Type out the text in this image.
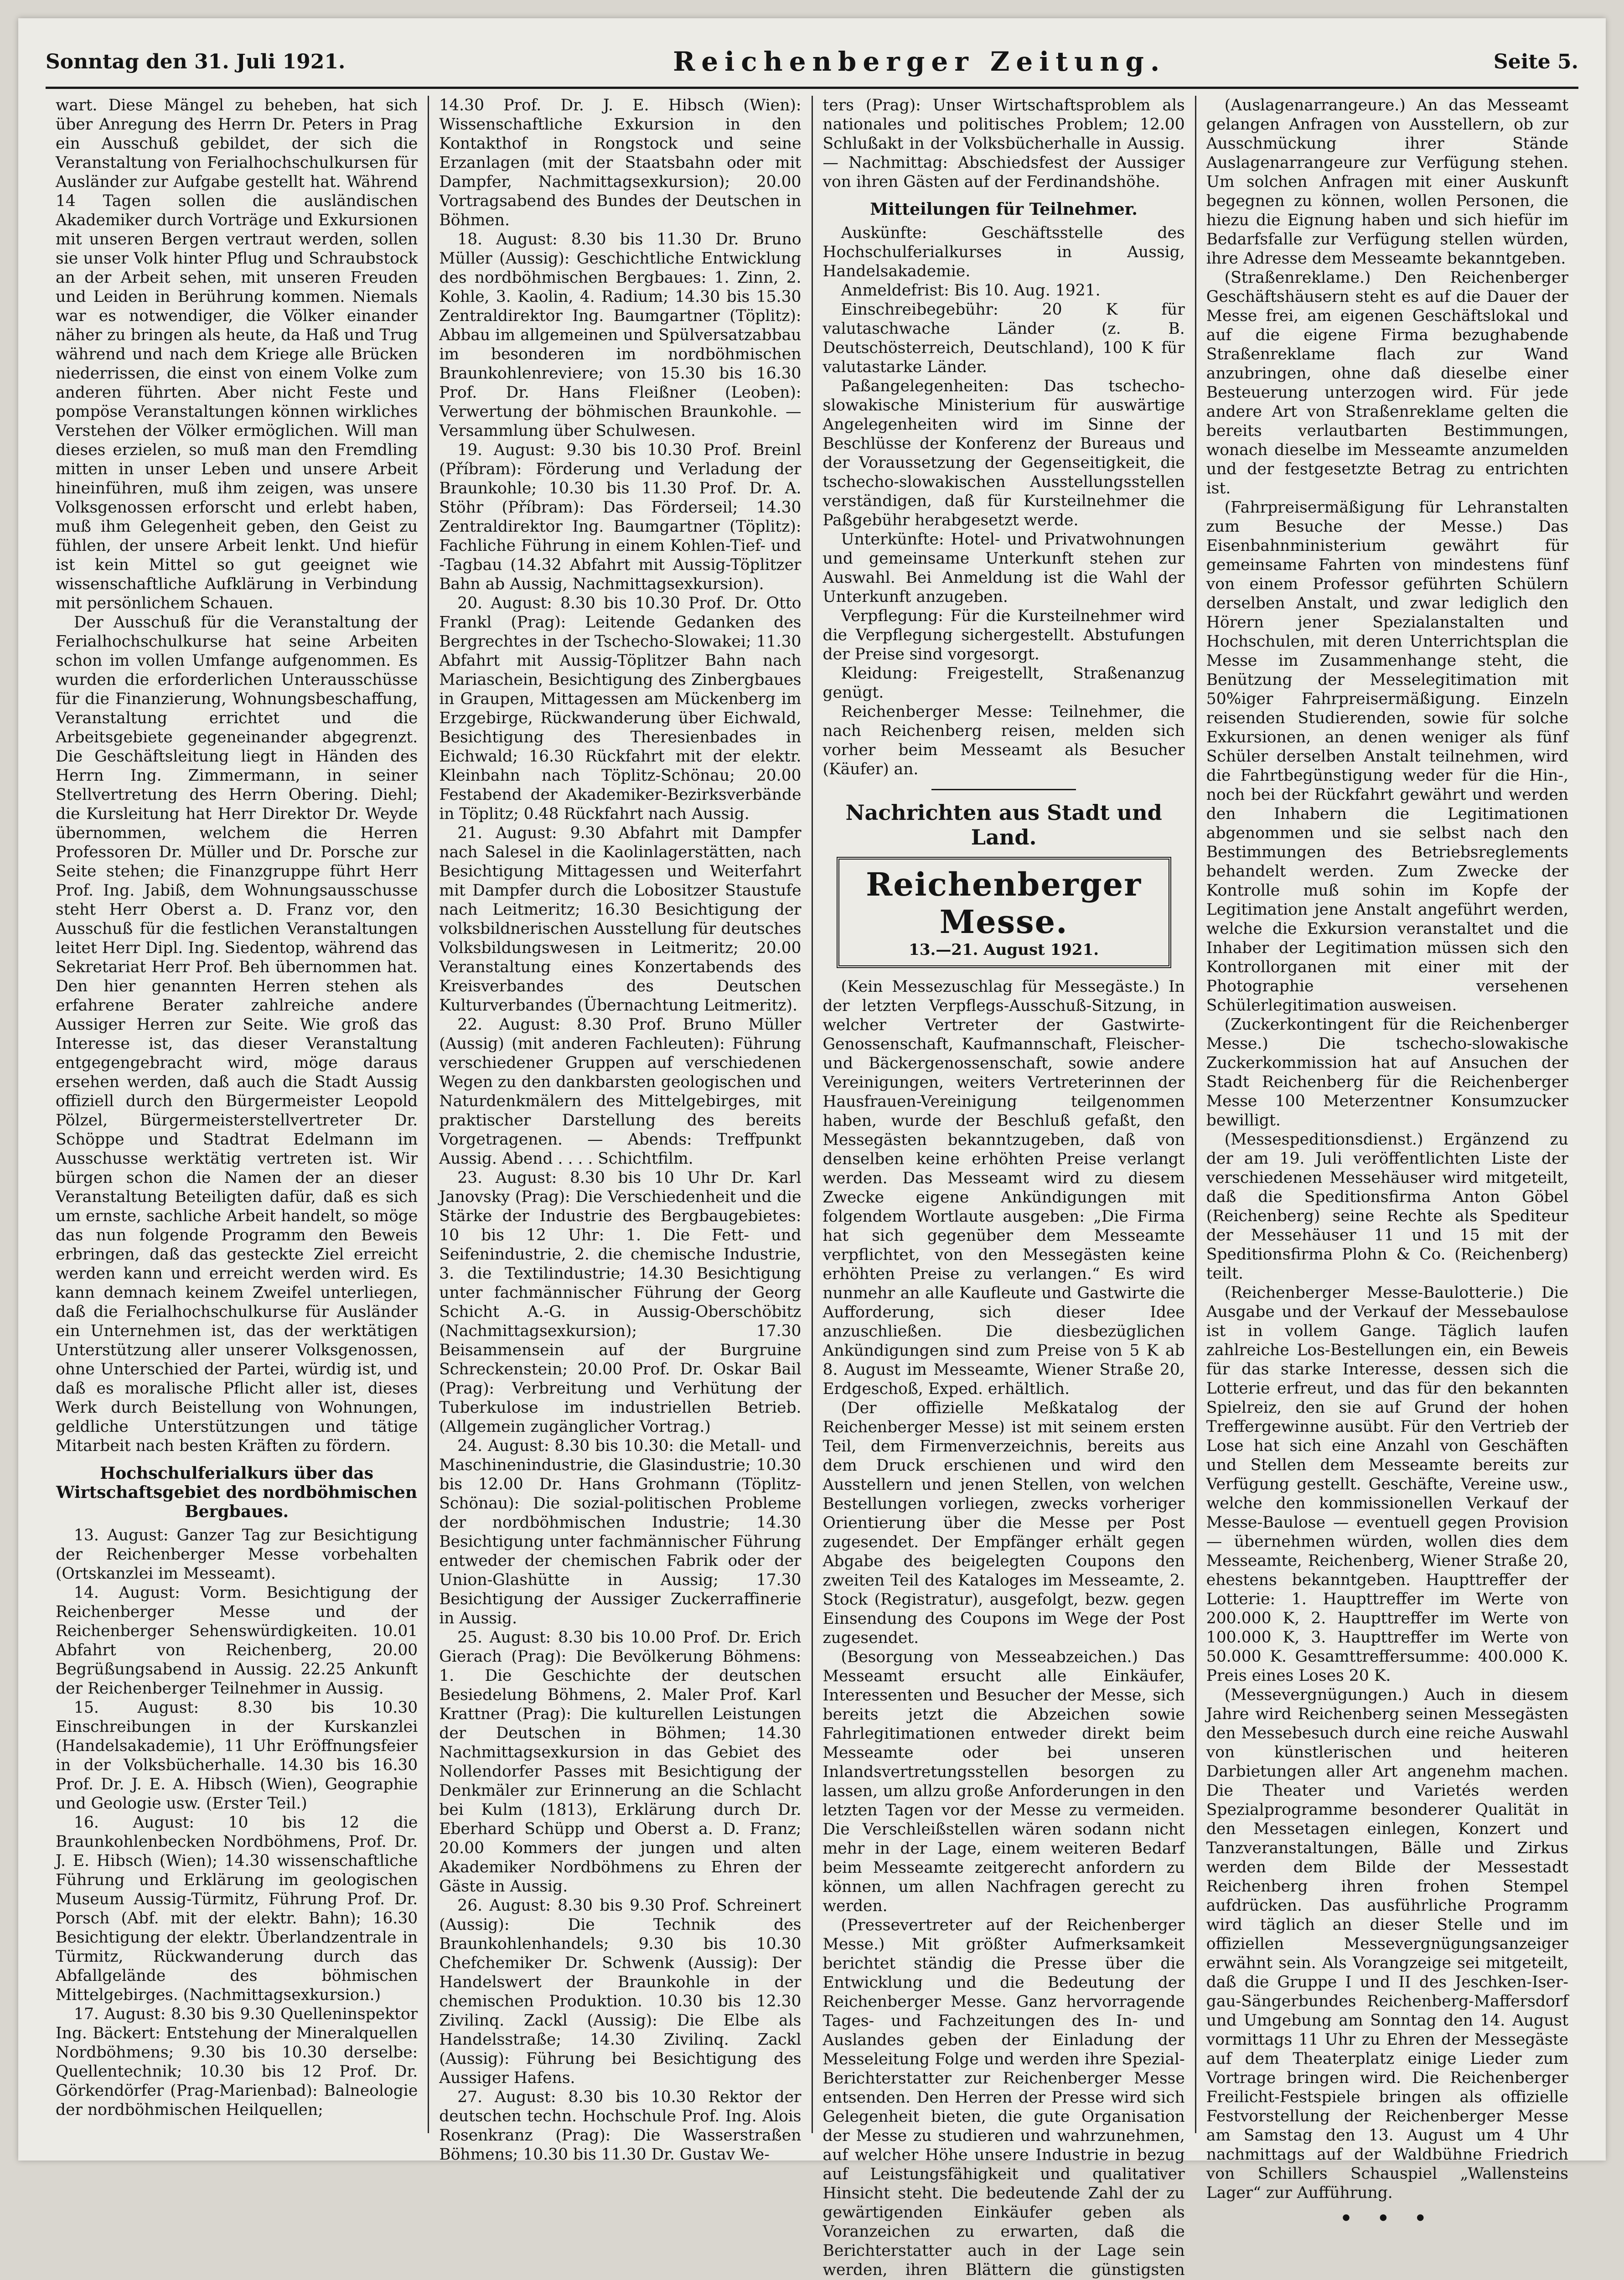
Sonntag den 31. Juli 1921.	Reichenberger Zeitung.	Seite 5.

wart. Diese Mängel zu beheben, hat sich über Anregung des Herrn Dr. Peters in Prag ein Ausschuß gebildet, der sich die Veranstaltung von Ferialhochschulkursen für Ausländer zur Aufgabe gestellt hat. Während 14 Tagen sollen die ausländischen Akademiker durch Vorträge und Exkursionen mit unseren Bergen vertraut werden, sollen sie unser Volk hinter Pflug und Schraubstock an der Arbeit sehen, mit unseren Freuden und Leiden in Berührung kommen. Niemals war es notwendiger, die Völker einander näher zu bringen als heute, da Haß und Trug während und nach dem Kriege alle Brücken niederrissen, die einst von einem Volke zum anderen führten. Aber nicht Feste und pompöse Veranstaltungen können wirkliches Verstehen der Völker ermöglichen. Will man dieses erzielen, so muß man den Fremdling mitten in unser Leben und unsere Arbeit hineinführen, muß ihm zeigen, was unsere Volksgenossen erforscht und erlebt haben, muß ihm Gelegenheit geben, den Geist zu fühlen, der unsere Arbeit lenkt. Und hiefür ist kein Mittel so gut geeignet wie wissenschaftliche Aufklärung in Verbindung mit persönlichem Schauen.

Der Ausschuß für die Veranstaltung der Ferialhochschulkurse hat seine Arbeiten schon im vollen Umfange aufgenommen. Es wurden die erforderlichen Unterausschüsse für die Finanzierung, Wohnungsbeschaffung, Veranstaltung errichtet und die Arbeitsgebiete gegeneinander abgegrenzt. Die Geschäftsleitung liegt in Händen des Herrn Ing. Zimmermann, in seiner Stellvertretung des Herrn Obering. Diehl; die Kursleitung hat Herr Direktor Dr. Weyde übernommen, welchem die Herren Professoren Dr. Müller und Dr. Porsche zur Seite stehen; die Finanzgruppe führt Herr Prof. Ing. Jabiß, dem Wohnungsausschusse steht Herr Oberst a. D. Franz vor, den Ausschuß für die festlichen Veranstaltungen leitet Herr Dipl. Ing. Siedentop, während das Sekretariat Herr Prof. Beh übernommen hat. Den hier genannten Herren stehen als erfahrene Berater zahlreiche andere Aussiger Herren zur Seite. Wie groß das Interesse ist, das dieser Veranstaltung entgegengebracht wird, möge daraus ersehen werden, daß auch die Stadt Aussig offiziell durch den Bürgermeister Leopold Pölzel, Bürgermeisterstellvertreter Dr. Schöppe und Stadtrat Edelmann im Ausschusse werktätig vertreten ist. Wir bürgen schon die Namen der an dieser Veranstaltung Beteiligten dafür, daß es sich um ernste, sachliche Arbeit handelt, so möge das nun folgende Programm den Beweis erbringen, daß das gesteckte Ziel erreicht werden kann und erreicht werden wird. Es kann demnach keinem Zweifel unterliegen, daß die Ferialhochschulkurse für Ausländer ein Unternehmen ist, das der werktätigen Unterstützung aller unserer Volksgenossen, ohne Unterschied der Partei, würdig ist, und daß es moralische Pflicht aller ist, dieses Werk durch Beistellung von Wohnungen, geldliche Unterstützungen und tätige Mitarbeit nach besten Kräften zu fördern.

Hochschulferialkurs über das Wirtschaftsgebiet des nordböhmischen Bergbaues.

13. August: Ganzer Tag zur Besichtigung der Reichenberger Messe vorbehalten (Ortskanzlei im Messeamt).

14. August: Vorm. Besichtigung der Reichenberger Messe und der Reichenberger Sehenswürdigkeiten. 10.01 Abfahrt von Reichenberg, 20.00 Begrüßungsabend in Aussig. 22.25 Ankunft der Reichenberger Teilnehmer in Aussig.

15. August: 8.30 bis 10.30 Einschreibungen in der Kurskanzlei (Handelsakademie), 11 Uhr Eröffnungsfeier in der Volksbücherhalle. 14.30 bis 16.30 Prof. Dr. J. E. A. Hibsch (Wien), Geographie und Geologie usw. (Erster Teil.)

16. August: 10 bis 12 die Braunkohlenbecken Nordböhmens, Prof. Dr. J. E. Hibsch (Wien); 14.30 wissenschaftliche Führung und Erklärung im geologischen Museum Aussig-Türmitz, Führung Prof. Dr. Porsch (Abf. mit der elektr. Bahn); 16.30 Besichtigung der elektr. Überlandzentrale in Türmitz, Rückwanderung durch das Abfallgelände des böhmischen Mittelgebirges. (Nachmittagsexkursion.)

17. August: 8.30 bis 9.30 Quelleninspektor Ing. Bäckert: Entstehung der Mineralquellen Nordböhmens; 9.30 bis 10.30 derselbe: Quellentechnik; 10.30 bis 12 Prof. Dr. Görkendörfer (Prag-Marienbad): Balneologie der nordböhmischen Heilquellen;

14.30 Prof. Dr. J. E. Hibsch (Wien): Wissenschaftliche Exkursion in den Kontakthof in Rongstock und seine Erzanlagen (mit der Staatsbahn oder mit Dampfer, Nachmittagsexkursion); 20.00 Vortragsabend des Bundes der Deutschen in Böhmen.

18. August: 8.30 bis 11.30 Dr. Bruno Müller (Aussig): Geschichtliche Entwicklung des nordböhmischen Bergbaues: 1. Zinn, 2. Kohle, 3. Kaolin, 4. Radium; 14.30 bis 15.30 Zentraldirektor Ing. Baumgartner (Töplitz): Abbau im allgemeinen und Spülversatzabbau im besonderen im nordböhmischen Braunkohlenreviere; von 15.30 bis 16.30 Prof. Dr. Hans Fleißner (Leoben): Verwertung der böhmischen Braunkohle. — Versammlung über Schulwesen.

19. August: 9.30 bis 10.30 Prof. Breinl (Příbram): Förderung und Verladung der Braunkohle; 10.30 bis 11.30 Prof. Dr. A. Stöhr (Příbram): Das Förderseil; 14.30 Zentraldirektor Ing. Baumgartner (Töplitz): Fachliche Führung in einem Kohlen-Tief- und -Tagbau (14.32 Abfahrt mit Aussig-Töplitzer Bahn ab Aussig, Nachmittagsexkursion).

20. August: 8.30 bis 10.30 Prof. Dr. Otto Frankl (Prag): Leitende Gedanken des Bergrechtes in der Tschecho-Slowakei; 11.30 Abfahrt mit Aussig-Töplitzer Bahn nach Mariaschein, Besichtigung des Zinbergbaues in Graupen, Mittagessen am Mückenberg im Erzgebirge, Rückwanderung über Eichwald, Besichtigung des Theresienbades in Eichwald; 16.30 Rückfahrt mit der elektr. Kleinbahn nach Töplitz-Schönau; 20.00 Festabend der Akademiker-Bezirksverbände in Töplitz; 0.48 Rückfahrt nach Aussig.

21. August: 9.30 Abfahrt mit Dampfer nach Salesel in die Kaolinlagerstätten, nach Besichtigung Mittagessen und Weiterfahrt mit Dampfer durch die Lobositzer Staustufe nach Leitmeritz; 16.30 Besichtigung der volksbildnerischen Ausstellung für deutsches Volksbildungswesen in Leitmeritz; 20.00 Veranstaltung eines Konzertabends des Kreisverbandes des Deutschen Kulturverbandes (Übernachtung Leitmeritz).

22. August: 8.30 Prof. Bruno Müller (Aussig) (mit anderen Fachleuten): Führung verschiedener Gruppen auf verschiedenen Wegen zu den dankbarsten geologischen und Naturdenkmälern des Mittelgebirges, mit praktischer Darstellung des bereits Vorgetragenen. — Abends: Treffpunkt Aussig. Abend . . . . Schichtfilm.

23. August: 8.30 bis 10 Uhr Dr. Karl Janovsky (Prag): Die Verschiedenheit und die Stärke der Industrie des Bergbaugebietes: 10 bis 12 Uhr: 1. Die Fett- und Seifenindustrie, 2. die chemische Industrie, 3. die Textilindustrie; 14.30 Besichtigung unter fachmännischer Führung der Georg Schicht A.-G. in Aussig-Oberschöbitz (Nachmittagsexkursion); 17.30 Beisammensein auf der Burgruine Schreckenstein; 20.00 Prof. Dr. Oskar Bail (Prag): Verbreitung und Verhütung der Tuberkulose im industriellen Betrieb. (Allgemein zugänglicher Vortrag.)

24. August: 8.30 bis 10.30: die Metall- und Maschinenindustrie, die Glasindustrie; 10.30 bis 12.00 Dr. Hans Grohmann (Töplitz-Schönau): Die sozial-politischen Probleme der nordböhmischen Industrie; 14.30 Besichtigung unter fachmännischer Führung entweder der chemischen Fabrik oder der Union-Glashütte in Aussig; 17.30 Besichtigung der Aussiger Zuckerraffinerie in Aussig.

25. August: 8.30 bis 10.00 Prof. Dr. Erich Gierach (Prag): Die Bevölkerung Böhmens: 1. Die Geschichte der deutschen Besiedelung Böhmens, 2. Maler Prof. Karl Krattner (Prag): Die kulturellen Leistungen der Deutschen in Böhmen; 14.30 Nachmittagsexkursion in das Gebiet des Nollendorfer Passes mit Besichtigung der Denkmäler zur Erinnerung an die Schlacht bei Kulm (1813), Erklärung durch Dr. Eberhard Schüpp und Oberst a. D. Franz; 20.00 Kommers der jungen und alten Akademiker Nordböhmens zu Ehren der Gäste in Aussig.

26. August: 8.30 bis 9.30 Prof. Schreinert (Aussig): Die Technik des Braunkohlenhandels; 9.30 bis 10.30 Chefchemiker Dr. Schwenk (Aussig): Der Handelswert der Braunkohle in der chemischen Produktion. 10.30 bis 12.30 Zivilinq. Zackl (Aussig): Die Elbe als Handelsstraße; 14.30 Zivilinq. Zackl (Aussig): Führung bei Besichtigung des Aussiger Hafens.

27. August: 8.30 bis 10.30 Rektor der deutschen techn. Hochschule Prof. Ing. Alois Rosenkranz (Prag): Die Wasserstraßen Böhmens; 10.30 bis 11.30 Dr. Gustav We-

ters (Prag): Unser Wirtschaftsproblem als nationales und politisches Problem; 12.00 Schlußakt in der Volksbücherhalle in Aussig. — Nachmittag: Abschiedsfest der Aussiger von ihren Gästen auf der Ferdinandshöhe.

Mitteilungen für Teilnehmer.

Auskünfte: Geschäftsstelle des Hochschulferialkurses in Aussig, Handelsakademie.

Anmeldefrist: Bis 10. Aug. 1921.

Einschreibegebühr: 20 K für valutaschwache Länder (z. B. Deutschösterreich, Deutschland), 100 K für valutastarke Länder.

Paßangelegenheiten: Das tschecho-slowakische Ministerium für auswärtige Angelegenheiten wird im Sinne der Beschlüsse der Konferenz der Bureaus und der Voraussetzung der Gegenseitigkeit, die tschecho-slowakischen Ausstellungsstellen verständigen, daß für Kursteilnehmer die Paßgebühr herabgesetzt werde.

Unterkünfte: Hotel- und Privatwohnungen und gemeinsame Unterkunft stehen zur Auswahl. Bei Anmeldung ist die Wahl der Unterkunft anzugeben.

Verpflegung: Für die Kursteilnehmer wird die Verpflegung sichergestellt. Abstufungen der Preise sind vorgesorgt.

Kleidung: Freigestellt, Straßenanzug genügt.

Reichenberger Messe: Teilnehmer, die nach Reichenberg reisen, melden sich vorher beim Messeamt als Besucher (Käufer) an.

Nachrichten aus Stadt und Land.
Reichenberger Messe.
13.—21. August 1921.

(Kein Messezuschlag für Messegäste.) In der letzten Verpflegs-Ausschuß-Sitzung, in welcher Vertreter der Gastwirte-Genossenschaft, Kaufmannschaft, Fleischer- und Bäckergenossenschaft, sowie andere Vereinigungen, weiters Vertreterinnen der Hausfrauen-Vereinigung teilgenommen haben, wurde der Beschluß gefaßt, den Messegästen bekanntzugeben, daß von denselben keine erhöhten Preise verlangt werden. Das Messeamt wird zu diesem Zwecke eigene Ankündigungen mit folgendem Wortlaute ausgeben: „Die Firma hat sich gegenüber dem Messeamte verpflichtet, von den Messegästen keine erhöhten Preise zu verlangen.“ Es wird nunmehr an alle Kaufleute und Gastwirte die Aufforderung, sich dieser Idee anzuschließen. Die diesbezüglichen Ankündigungen sind zum Preise von 5 K ab 8. August im Messeamte, Wiener Straße 20, Erdgeschoß, Exped. erhältlich.

(Der offizielle Meßkatalog der Reichenberger Messe) ist mit seinem ersten Teil, dem Firmenverzeichnis, bereits aus dem Druck erschienen und wird den Ausstellern und jenen Stellen, von welchen Bestellungen vorliegen, zwecks vorheriger Orientierung über die Messe per Post zugesendet. Der Empfänger erhält gegen Abgabe des beigelegten Coupons den zweiten Teil des Kataloges im Messeamte, 2. Stock (Registratur), ausgefolgt, bezw. gegen Einsendung des Coupons im Wege der Post zugesendet.

(Besorgung von Messeabzeichen.) Das Messeamt ersucht alle Einkäufer, Interessenten und Besucher der Messe, sich bereits jetzt die Abzeichen sowie Fahrlegitimationen entweder direkt beim Messeamte oder bei unseren Inlandsvertretungsstellen besorgen zu lassen, um allzu große Anforderungen in den letzten Tagen vor der Messe zu vermeiden. Die Verschleißstellen wären sodann nicht mehr in der Lage, einem weiteren Bedarf beim Messeamte zeitgerecht anfordern zu können, um allen Nachfragen gerecht zu werden.

(Pressevertreter auf der Reichenberger Messe.) Mit größter Aufmerksamkeit berichtet ständig die Presse über die Entwicklung und die Bedeutung der Reichenberger Messe. Ganz hervorragende Tages- und Fachzeitungen des In- und Auslandes geben der Einladung der Messeleitung Folge und werden ihre Spezial-Berichterstatter zur Reichenberger Messe entsenden. Den Herren der Presse wird sich Gelegenheit bieten, die gute Organisation der Messe zu studieren und wahrzunehmen, auf welcher Höhe unsere Industrie in bezug auf Leistungsfähigkeit und qualitativer Hinsicht steht. Die bedeutende Zahl der zu gewärtigenden Einkäufer geben als Voranzeichen zu erwarten, daß die Berichterstatter auch in der Lage sein werden, ihren Blättern die günstigsten

(Auslagenarrangeure.) An das Messeamt gelangen Anfragen von Ausstellern, ob zur Ausschmückung ihrer Stände Auslagenarrangeure zur Verfügung stehen. Um solchen Anfragen mit einer Auskunft begegnen zu können, wollen Personen, die hiezu die Eignung haben und sich hiefür im Bedarfsfalle zur Verfügung stellen würden, ihre Adresse dem Messeamte bekanntgeben.

(Straßenreklame.) Den Reichenberger Geschäftshäusern steht es auf die Dauer der Messe frei, am eigenen Geschäftslokal und auf die eigene Firma bezughabende Straßenreklame flach zur Wand anzubringen, ohne daß dieselbe einer Besteuerung unterzogen wird. Für jede andere Art von Straßenreklame gelten die bereits verlautbarten Bestimmungen, wonach dieselbe im Messeamte anzumelden und der festgesetzte Betrag zu entrichten ist.

(Fahrpreisermäßigung für Lehranstalten zum Besuche der Messe.) Das Eisenbahnministerium gewährt für gemeinsame Fahrten von mindestens fünf von einem Professor geführten Schülern derselben Anstalt, und zwar lediglich den Hörern jener Spezialanstalten und Hochschulen, mit deren Unterrichtsplan die Messe im Zusammenhange steht, die Benützung der Messelegitimation mit 50%iger Fahrpreisermäßigung. Einzeln reisenden Studierenden, sowie für solche Exkursionen, an denen weniger als fünf Schüler derselben Anstalt teilnehmen, wird die Fahrtbegünstigung weder für die Hin-, noch bei der Rückfahrt gewährt und werden den Inhabern die Legitimationen abgenommen und sie selbst nach den Bestimmungen des Betriebsreglements behandelt werden. Zum Zwecke der Kontrolle muß sohin im Kopfe der Legitimation jene Anstalt angeführt werden, welche die Exkursion veranstaltet und die Inhaber der Legitimation müssen sich den Kontrollorganen mit einer mit der Photographie versehenen Schülerlegitimation ausweisen.

(Zuckerkontingent für die Reichenberger Messe.) Die tschecho-slowakische Zuckerkommission hat auf Ansuchen der Stadt Reichenberg für die Reichenberger Messe 100 Meterzentner Konsumzucker bewilligt.

(Messespeditionsdienst.) Ergänzend zu der am 19. Juli veröffentlichten Liste der verschiedenen Messehäuser wird mitgeteilt, daß die Speditionsfirma Anton Göbel (Reichenberg) seine Rechte als Spediteur der Messehäuser 11 und 15 mit der Speditionsfirma Plohn & Co. (Reichenberg) teilt.

(Reichenberger Messe-Baulotterie.) Die Ausgabe und der Verkauf der Messebaulose ist in vollem Gange. Täglich laufen zahlreiche Los-Bestellungen ein, ein Beweis für das starke Interesse, dessen sich die Lotterie erfreut, und das für den bekannten Spielreiz, den sie auf Grund der hohen Treffergewinne ausübt. Für den Vertrieb der Lose hat sich eine Anzahl von Geschäften und Stellen dem Messeamte bereits zur Verfügung gestellt. Geschäfte, Vereine usw., welche den kommissionellen Verkauf der Messe-Baulose — eventuell gegen Provision — übernehmen würden, wollen dies dem Messeamte, Reichenberg, Wiener Straße 20, ehestens bekanntgeben. Haupttreffer der Lotterie: 1. Haupttreffer im Werte von 200.000 K, 2. Haupttreffer im Werte von 100.000 K, 3. Haupttreffer im Werte von 50.000 K. Gesamttreffersumme: 400.000 K. Preis eines Loses 20 K.

(Messevergnügungen.) Auch in diesem Jahre wird Reichenberg seinen Messegästen den Messebesuch durch eine reiche Auswahl von künstlerischen und heiteren Darbietungen aller Art angenehm machen. Die Theater und Varietés werden Spezialprogramme besonderer Qualität in den Messetagen einlegen, Konzert und Tanzveranstaltungen, Bälle und Zirkus werden dem Bilde der Messestadt Reichenberg ihren frohen Stempel aufdrücken. Das ausführliche Programm wird täglich an dieser Stelle und im offiziellen Messevergnügungsanzeiger erwähnt sein. Als Vorangzeige sei mitgeteilt, daß die Gruppe I und II des Jeschken-Iser-gau-Sängerbundes Reichenberg-Maffersdorf und Umgebung am Sonntag den 14. August vormittags 11 Uhr zu Ehren der Messegäste auf dem Theaterplatz einige Lieder zum Vortrage bringen wird. Die Reichenberger Freilicht-Festspiele bringen als offizielle Festvorstellung der Reichenberger Messe am Samstag den 13. August um 4 Uhr nachmittags auf der Waldbühne Friedrich von Schillers Schauspiel „Wallensteins Lager“ zur Aufführung.

• • •
